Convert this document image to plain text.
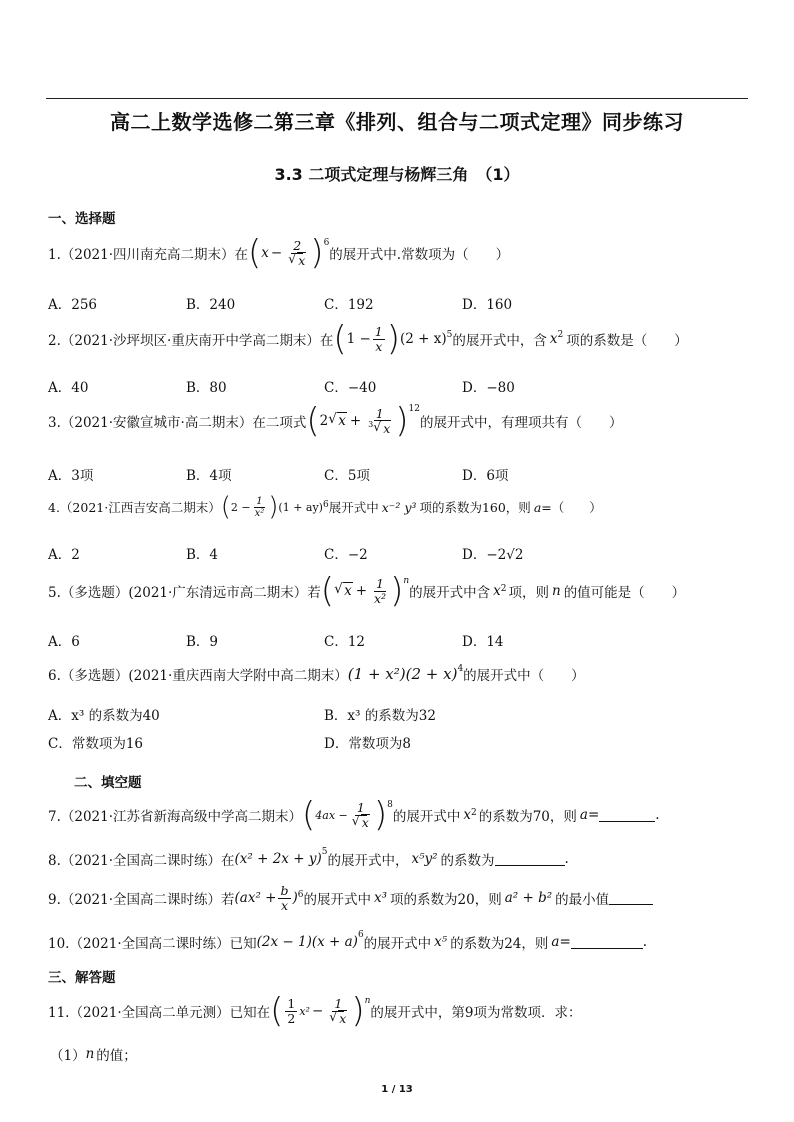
高二上数学选修二第三章《排列、组合与二项式定理》同步练习
3.3 二项式定理与杨辉三角　（1）
一、选择题
1.（2021·四川南充高二期末）在 ( $x - \frac{2}{√ x}$ ) 6
的展开式中.常数项为（　　）
A．256	B．240	C．192	D．160
2.（2021·沙坪坝区·重庆南开中学高二期末）在 ( $1 - \frac{1}{x}$ ) (2 + x) 5 的展开式中，含 x 2 项的系数是（　　）
A．40	B．80	C．−40	D．−80
3.（2021·安徽宣城市·高二期末）在二项式 ( 2 √ $x + \frac{1}{^3 √ x}$ ) 12
的展开式中，有理项共有（　　）
A．3项	B．4项	C．5项	D．6项
4.（2021·江西吉安高二期末） ( $2 - \frac{1}{\text{x²}}$ ) (1 + ay) 6 展开式中 x⁻² y³ 项的系数为160，则 a =（　　）
A．2	B．4	C．−2	D．−2√2
5.（多选题）(2021·广东清远市高二期末）若 ( √ $x + \frac{1}{\text{x²}}$ ) n
的展开式中含 x 2 项，则 n 的值可能是（　　）
A．6	B．9	C．12	D．14
6.（多选题）(2021·重庆西南大学附中高二期末） (1 + x²)(2 + x) 4 的展开式中（　　）
A．x³ 的系数为40	B．x³ 的系数为32
C．常数项为16	D．常数项为8
二、填空题
7.（2021·江苏省新海高级中学高二期末） ( $4ax - \frac{1}{√ x}$ ) 8
的展开式中 x 2 的系数为70，则 a =	.
8.（2021·全国高二课时练）在 (x² + 2x + y) 5
的展开式中， x⁵y² 的系数为	.
9.（2021·全国高二课时练）若 ($ax^2 + \frac{b}{x}$ ) 6 的展开式中 x³ 项的系数为20，则 a² + b² 的最小值
10.（2021·全国高二课时练）已知 (2x − 1)(x + a) 6
的展开式中 x⁵ 的系数为24，则 a =	.
三、解答题
11.（2021·全国高二单元测）已知在 ( $\frac{1}{2} x^2 - \frac{1}{√ x}$ ) n
的展开式中，第9项为常数项．求：
（1） n 的值；
1 / 13
